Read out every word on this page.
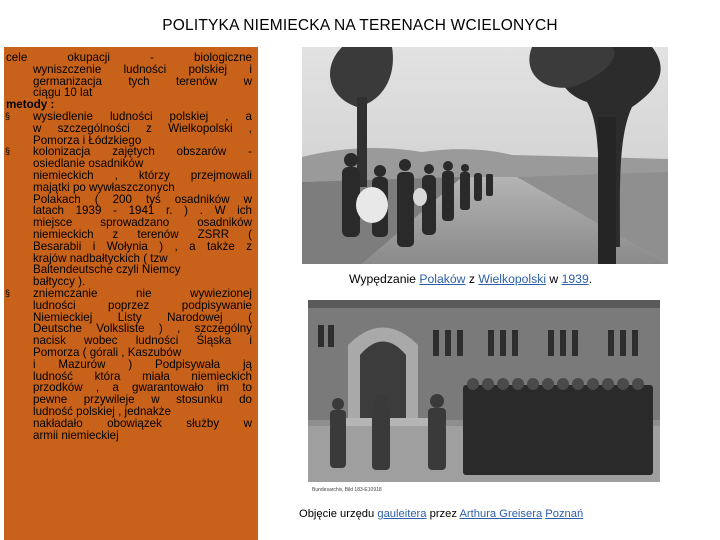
POLITYKA NIEMIECKA NA TERENACH WCIELONYCH
cele okupacji - biologiczne
wyniszczenie ludności polskiej i
germanizacja tych terenów w
ciągu 10 lat
metody :
§ wysiedlenie ludności polskiej , a
w szczególności z Wielkopolski ,
Pomorza i Łódzkiego
§ kolonizacja zajętych obszarów -
osiedlanie osadników
niemieckich , którzy przejmowali
majątki po wywłaszczonych
Polakach ( 200 tyś osadników w
latach 1939 - 1941 r. ) . W ich
miejsce sprowadzano osadników
niemieckich z terenów ZSRR (
Besarabii i Wołynia ) , a także z
krajów nadbałtyckich ( tzw
Baltendeutsche czyli Niemcy
bałtyccy ).
§ zniemczanie nie wywiezionej
ludności poprzez podpisywanie
Niemieckiej Listy Narodowej (
Deutsche Volksliste ) , szczególny
nacisk wobec ludności Śląska i
Pomorza ( górali , Kaszubów
i Mazurów ) Podpisywała ją
ludność która miała niemieckich
przodków , a gwarantowało im to
pewne przywileje w stosunku do
ludność polskiej , jednakże
nakładało obowiązek służby w
armii niemieckiej
Wypędzanie Polaków z Wielkopolski w 1939.
Bundesarchiv, Bild 183-E10918
Objęcie urzędu gauleitera przez Arthura Greisera Poznań
